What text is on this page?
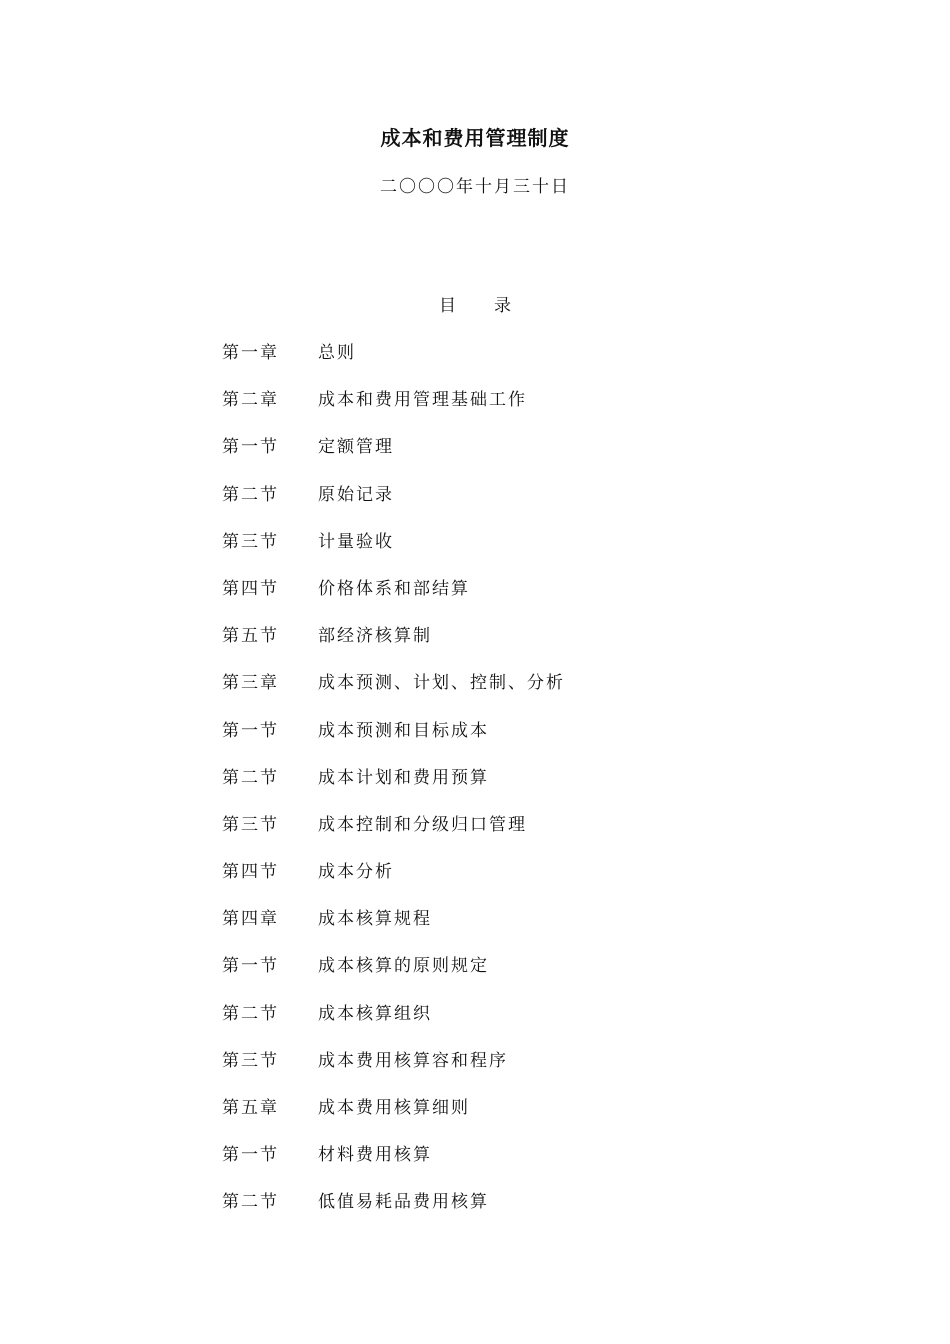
成本和费用管理制度
二〇〇〇年十月三十日
目 录
第一章	总则
第二章	成本和费用管理基础工作
第一节	定额管理
第二节	原始记录
第三节	计量验收
第四节	价格体系和部结算
第五节	部经济核算制
第三章	成本预测、计划、控制、分析
第一节	成本预测和目标成本
第二节	成本计划和费用预算
第三节	成本控制和分级归口管理
第四节	成本分析
第四章	成本核算规程
第一节	成本核算的原则规定
第二节	成本核算组织
第三节	成本费用核算容和程序
第五章	成本费用核算细则
第一节	材料费用核算
第二节	低值易耗品费用核算
